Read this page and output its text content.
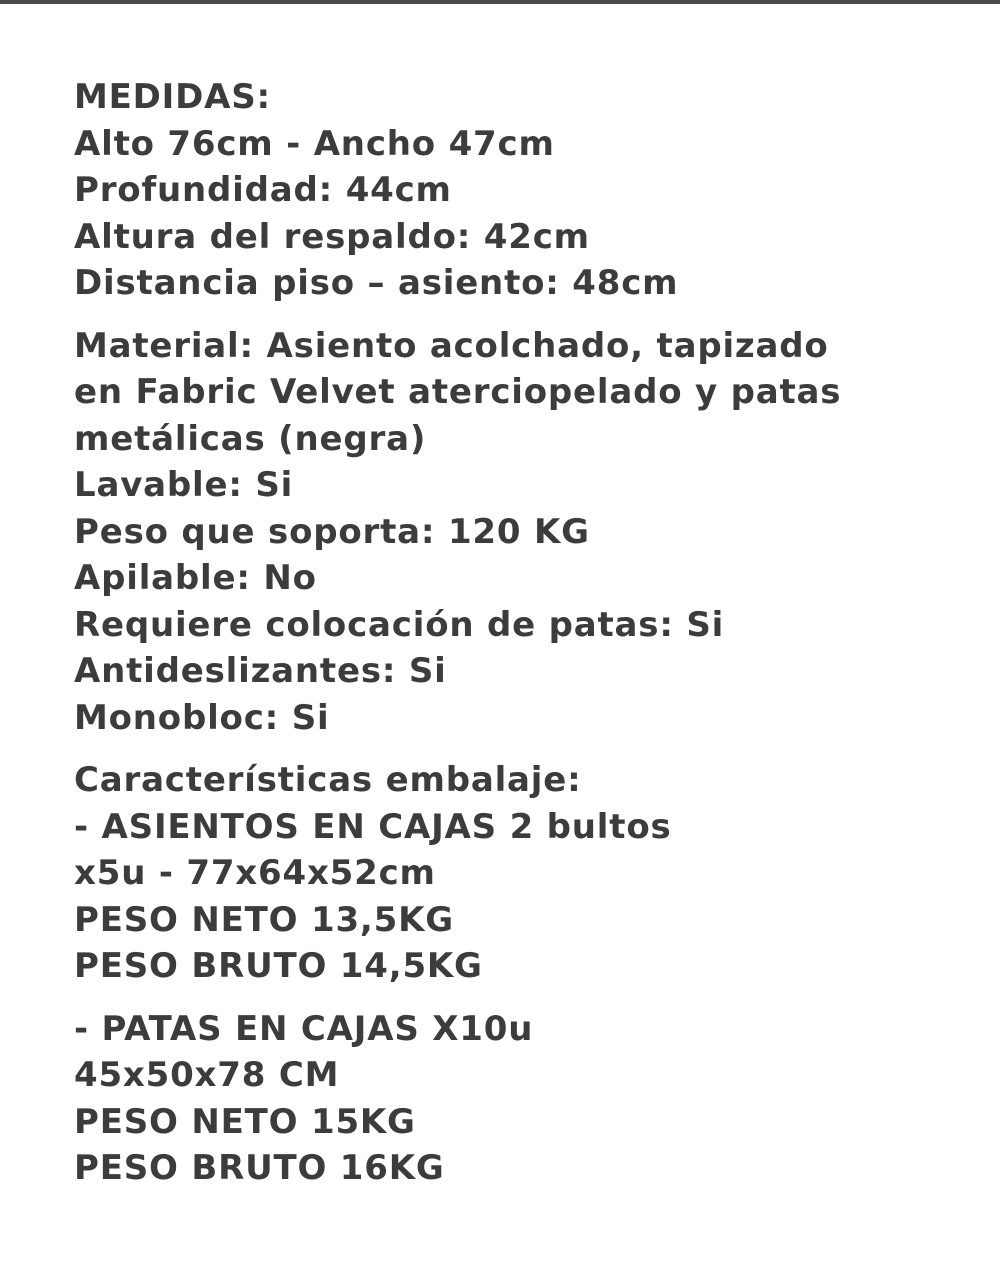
MEDIDAS:
Alto 76cm - Ancho 47cm
Profundidad: 44cm
Altura del respaldo: 42cm
Distancia piso – asiento: 48cm
Material: Asiento acolchado, tapizado
en Fabric Velvet aterciopelado y patas
metálicas (negra)
Lavable: Si
Peso que soporta: 120 KG
Apilable: No
Requiere colocación de patas: Si
Antideslizantes: Si
Monobloc: Si
Características embalaje:
- ASIENTOS EN CAJAS 2 bultos
x5u - 77x64x52cm
PESO NETO 13,5KG
PESO BRUTO 14,5KG
- PATAS EN CAJAS X10u
45x50x78 CM
PESO NETO 15KG
PESO BRUTO 16KG
